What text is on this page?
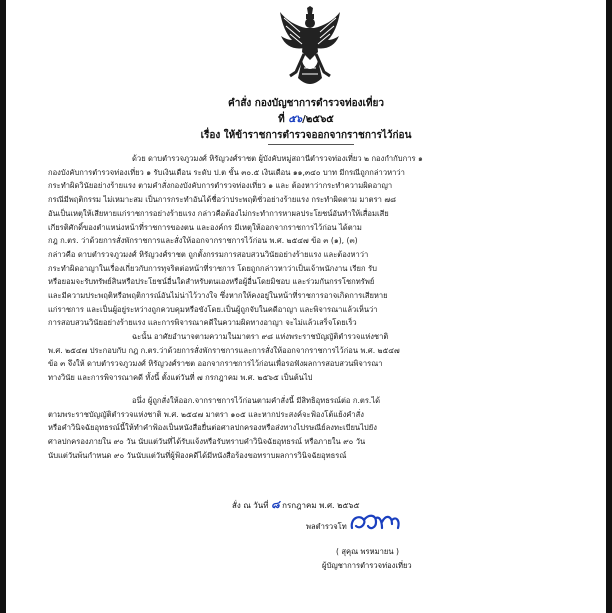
คำสั่ง กองบัญชาการตำรวจท่องเที่ยว
ที่ ๕๖/๒๕๖๕
เรื่อง ให้ข้าราชการตำรวจออกจากราชการไว้ก่อน
ด้วย ดาบตำรวจภูวมงศ์ หิรัญวงศ์ราชต ผู้บังคับหมู่สถานีตำรวจท่องเที่ยว ๒ กองกำกับการ ๑
กองบังคับการตำรวจท่องเที่ยว ๑ รับเงินเดือน ระดับ ป.ต ขั้น ๓๐.๕ เงินเดือน ๑๑,๓๔๐ บาท มีกรณีถูกกล่าวหาว่า
กระทำผิดวินัยอย่างร้ายแรง ตามคำสั่งกองบังคับการตำรวจท่องเที่ยว ๑ และ ต้องหาว่ากระทำความผิดอาญา
กรณีมีพฤติกรรม ไม่เหมาะสม เป็นการกระทำอันได้ชื่อว่าประพฤติชั่วอย่างร้ายแรง กระทำผิดตาม มาตรา ๗๘
อันเป็นเหตุให้เสียหายแก่ราชการอย่างร้ายแรง กล่าวคือต้องไม่กระทำการหาผลประโยชน์อันทำให้เสื่อมเสีย
เกียรติศักดิ์ของตำแหน่งหน้าที่ราชการของตน และองค์กร มีเหตุให้ออกจากราชการไว้ก่อน ได้ตาม
กฎ ก.ตร. ว่าด้วยการสั่งพักราชการและสั่งให้ออกจากราชการไว้ก่อน พ.ศ. ๒๕๔๗ ข้อ ๓ (๑), (๓)
กล่าวคือ ดาบตำรวจภูวมงศ์ หิรัญวงศ์ราชต ถูกตั้งกรรมการสอบสวนวินัยอย่างร้ายแรง และต้องหาว่า
กระทำผิดอาญาในเรื่องเกี่ยวกับการทุจริตต่อหน้าที่ราชการ โดยถูกกล่าวหาว่าเป็นเจ้าพนักงาน เรียก รับ
หรือยอมจะรับทรัพย์สินหรือประโยชน์อื่นใดสำหรับตนเองหรือผู้อื่นโดยมิชอบ และร่วมกันกรรโชกทรัพย์
และมีความประพฤติหรือพฤติการณ์อันไม่น่าไว้วางใจ ซึ่งหากให้คงอยู่ในหน้าที่ราชการอาจเกิดการเสียหาย
แก่ราชการ และเป็นผู้อยู่ระหว่างถูกควบคุมหรือขังโดย.เป็นผู้ถูกจับในคดีอาญา และพิจารณาแล้วเห็นว่า
การสอบสวนวินัยอย่างร้ายแรง และการพิจารณาคดีในความผิดทางอาญา จะไม่แล้วเสร็จโดยเร็ว
ฉะนั้น อาศัยอำนาจตามความในมาตรา ๙๘ แห่งพระราชบัญญัติตำรวจแห่งชาติ
พ.ศ. ๒๕๔๗ ประกอบกับ กฎ ก.ตร.ว่าด้วยการสั่งพักราชการและการสั่งให้ออกจากราชการไว้ก่อน พ.ศ. ๒๕๔๗
ข้อ ๓ จึงให้ ดาบตำรวจภูวมงศ์ หิรัญวงศ์ราชต ออกจากราชการไว้ก่อนเพื่อรอฟังผลการสอบสวนพิจารณา
ทางวินัย และการพิจารณาคดี ทั้งนี้ ตั้งแต่วันที่ ๗ กรกฎาคม พ.ศ. ๒๕๖๕ เป็นต้นไป
อนึ่ง ผู้ถูกสั่งให้ออก.จากราชการไว้ก่อนตามคำสั่งนี้ มีสิทธิอุทธรณ์ต่อ ก.ตร.ได้
ตามพระราชบัญญัติตำรวจแห่งชาติ พ.ศ. ๒๕๔๗ มาตรา ๑๐๕ และหากประสงค์จะฟ้องโต้แย้งคำสั่ง
หรือคำวินิจฉัยอุทธรณ์นี้ให้ทำคำฟ้องเป็นหนังสือยื่นต่อศาลปกครองหรือส่งทางไปรษณีย์ลงทะเบียนไปยัง
ศาลปกครองภายใน ๙๐ วัน นับแต่วันที่ได้รับแจ้งหรือรับทราบคำวินิจฉัยอุทธรณ์ หรือภายใน ๙๐ วัน
นับแต่วันพ้นกำหนด ๙๐ วันนับแต่วันที่ผู้ฟ้องคดีได้มีหนังสือร้องขอทราบผลการวินิจฉัยอุทธรณ์
สั่ง ณ วันที่ ๘ กรกฎาคม พ.ศ. ๒๕๖๕
พลตำรวจโท
( สุคุณ พรหมายน )
ผู้บัญชาการตำรวจท่องเที่ยว
